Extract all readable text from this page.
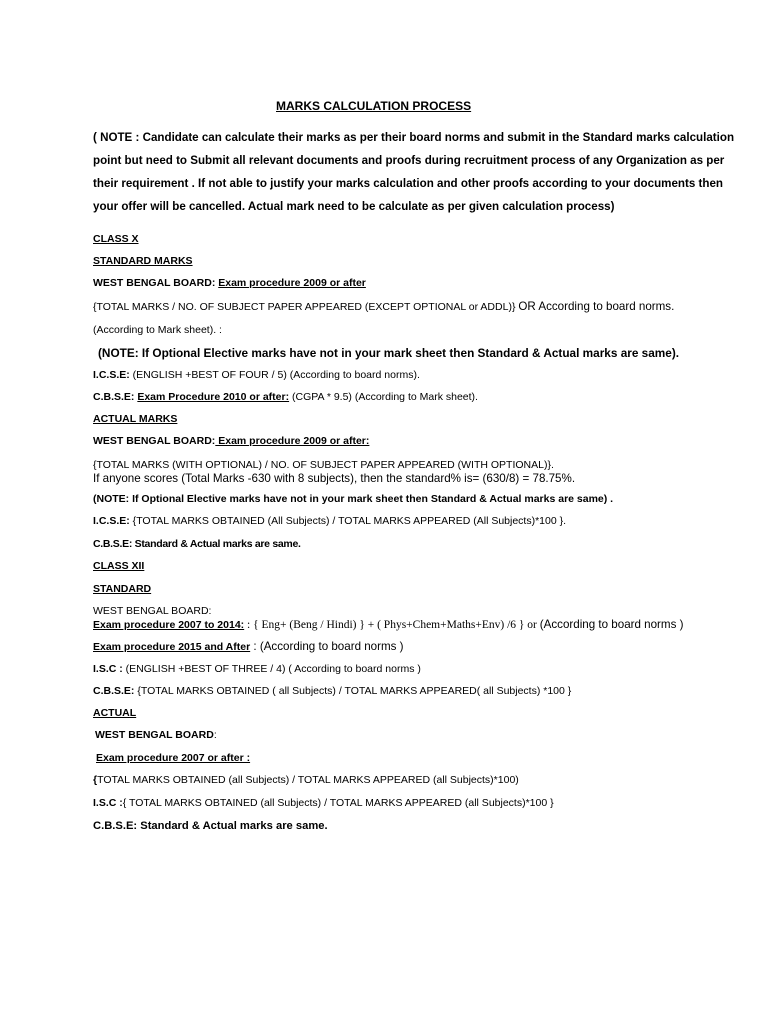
MARKS CALCULATION PROCESS
( NOTE : Candidate can calculate their marks as per their board norms and submit in the Standard marks calculation
point but need to Submit all relevant documents and proofs during recruitment process of any Organization as per
their requirement . If not able to justify your marks calculation and other proofs according to your documents then
your offer will be cancelled. Actual mark need to be calculate as per given calculation process)
CLASS X
STANDARD MARKS
WEST BENGAL BOARD: Exam procedure 2009 or after
{TOTAL MARKS / NO. OF SUBJECT PAPER APPEARED (EXCEPT OPTIONAL or ADDL)} OR According to board norms.
(According to Mark sheet). :
(NOTE: If Optional Elective marks have not in your mark sheet then Standard & Actual marks are same).
I.C.S.E: (ENGLISH +BEST OF FOUR / 5) (According to board norms).
C.B.S.E: Exam Procedure 2010 or after: (CGPA * 9.5) (According to Mark sheet).
ACTUAL MARKS
WEST BENGAL BOARD: Exam procedure 2009 or after:
{TOTAL MARKS (WITH OPTIONAL) / NO. OF SUBJECT PAPER APPEARED (WITH OPTIONAL)}.
If anyone scores (Total Marks -630 with 8 subjects), then the standard% is= (630/8) = 78.75%.
(NOTE: If Optional Elective marks have not in your mark sheet then Standard & Actual marks are same) .
I.C.S.E: {TOTAL MARKS OBTAINED (All Subjects) / TOTAL MARKS APPEARED (All Subjects)*100 }.
C.B.S.E: Standard & Actual marks are same.
CLASS XII
STANDARD
WEST BENGAL BOARD:
Exam procedure 2007 to 2014: : { Eng+ (Beng / Hindi) } + ( Phys+Chem+Maths+Env) /6 } or (According to board norms )
Exam procedure 2015 and After : (According to board norms )
I.S.C : (ENGLISH +BEST OF THREE / 4) ( According to board norms )
C.B.S.E: {TOTAL MARKS OBTAINED ( all Subjects) / TOTAL MARKS APPEARED( all Subjects) *100 }
ACTUAL
WEST BENGAL BOARD:
Exam procedure 2007 or after :
{TOTAL MARKS OBTAINED (all Subjects) / TOTAL MARKS APPEARED (all Subjects)*100)
I.S.C :{ TOTAL MARKS OBTAINED (all Subjects) / TOTAL MARKS APPEARED (all Subjects)*100 }
C.B.S.E: Standard & Actual marks are same.
